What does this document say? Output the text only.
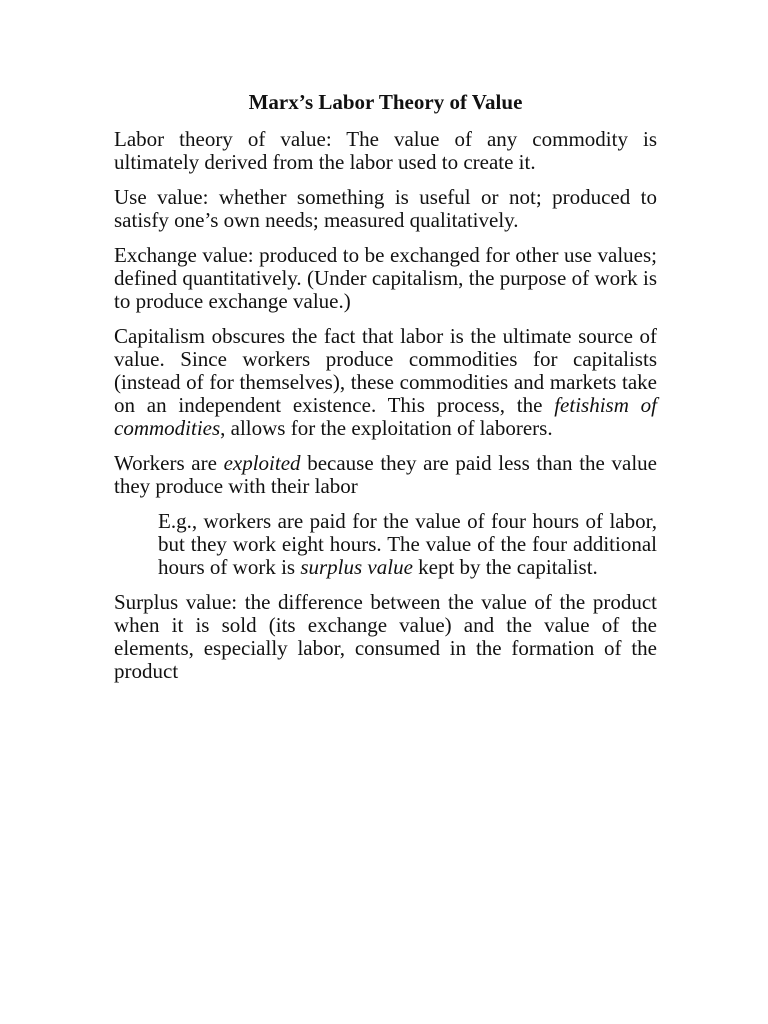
Marx’s Labor Theory of Value

Labor theory of value: The value of any commodity is ultimately derived from the labor used to create it.

Use value: whether something is useful or not; produced to satisfy one’s own needs; measured qualitatively.

Exchange value: produced to be exchanged for other use values; defined quantitatively. (Under capitalism, the purpose of work is to produce exchange value.)

Capitalism obscures the fact that labor is the ultimate source of value. Since workers produce commodities for capitalists (instead of for themselves), these commodities and markets take on an independent existence. This process, the fetishism of commodities, allows for the exploitation of laborers.

Workers are exploited because they are paid less than the value they produce with their labor

E.g., workers are paid for the value of four hours of labor, but they work eight hours. The value of the four additional hours of work is surplus value kept by the capitalist.

Surplus value: the difference between the value of the product when it is sold (its exchange value) and the value of the elements, especially labor, consumed in the formation of the product
